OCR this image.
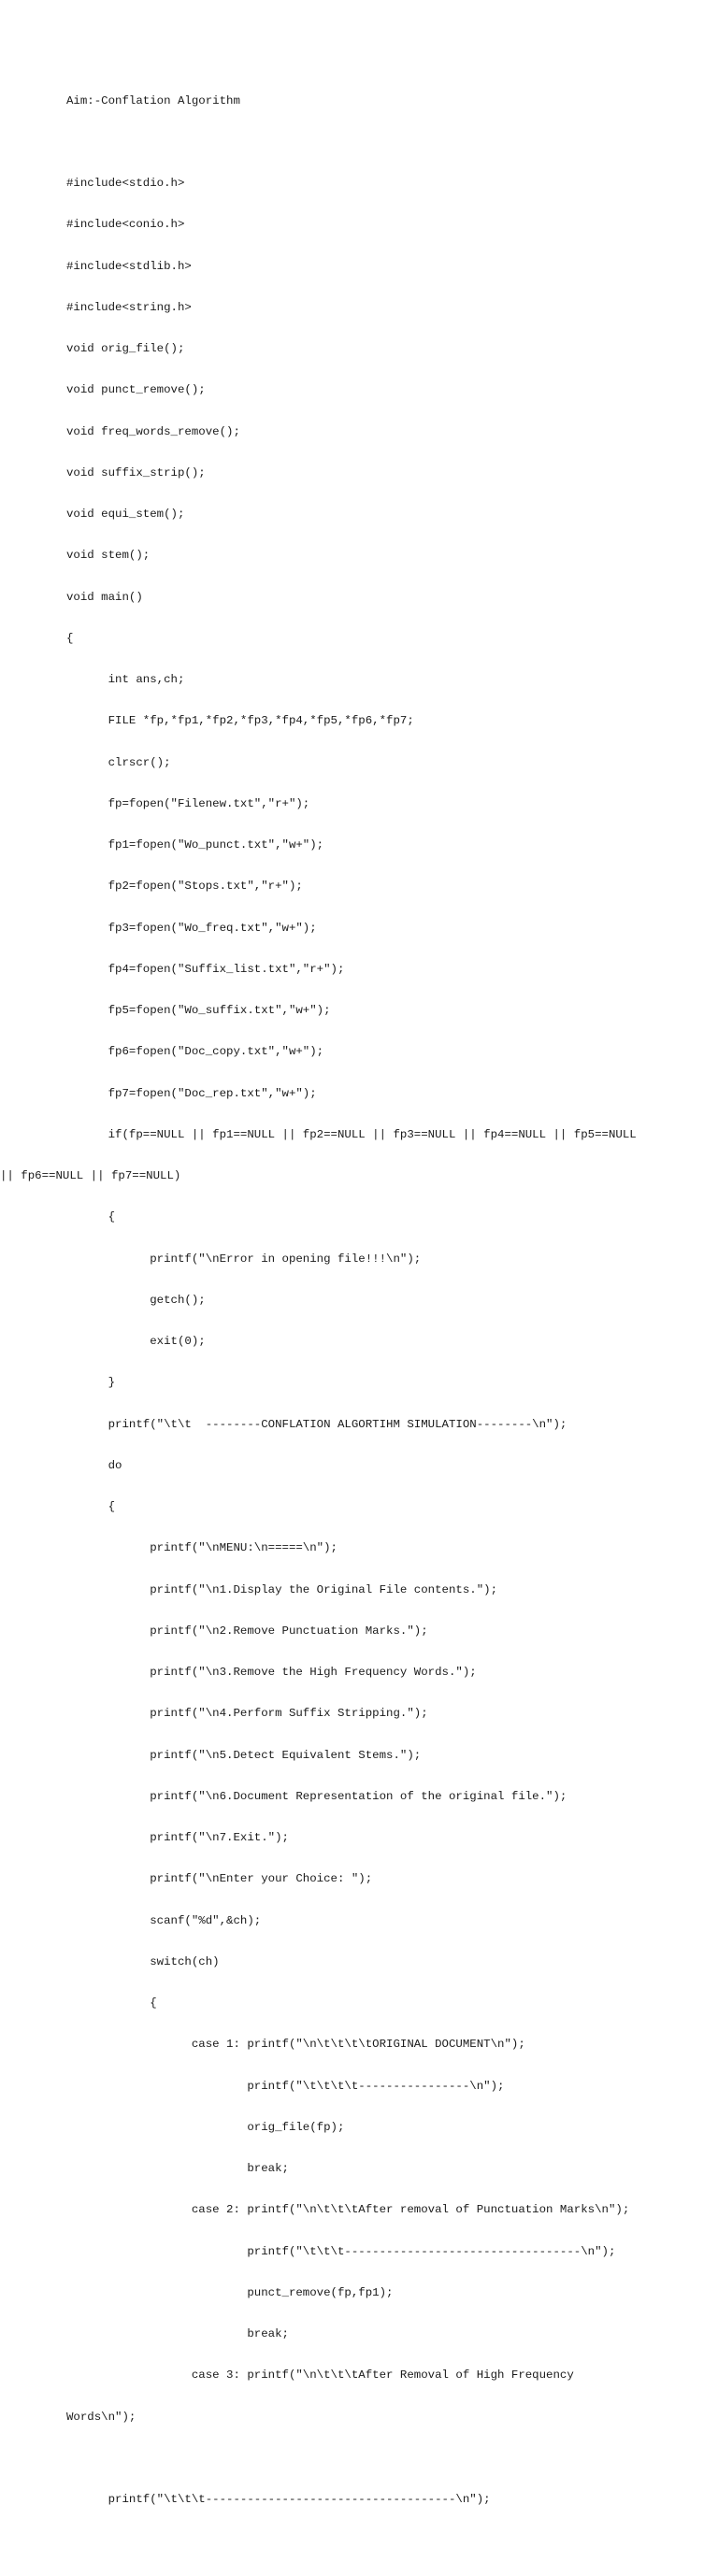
Aim:-Conflation Algorithm

#include<stdio.h>

#include<conio.h>

#include<stdlib.h>

#include<string.h>

void orig_file();

void punct_remove();

void freq_words_remove();

void suffix_strip();

void equi_stem();

void stem();

void main()

{

int ans,ch;

FILE *fp,*fp1,*fp2,*fp3,*fp4,*fp5,*fp6,*fp7;

clrscr();

fp=fopen("Filenew.txt","r+");

fp1=fopen("Wo_punct.txt","w+");

fp2=fopen("Stops.txt","r+");

fp3=fopen("Wo_freq.txt","w+");

fp4=fopen("Suffix_list.txt","r+");

fp5=fopen("Wo_suffix.txt","w+");

fp6=fopen("Doc_copy.txt","w+");

fp7=fopen("Doc_rep.txt","w+");

if(fp==NULL || fp1==NULL || fp2==NULL || fp3==NULL || fp4==NULL || fp5==NULL

|| fp6==NULL || fp7==NULL)

{

printf("\nError in opening file!!!\n");

getch();

exit(0);

}

printf("\t\t  --------CONFLATION ALGORTIHM SIMULATION--------\n");

do

{

printf("\nMENU:\n=====\n");

printf("\n1.Display the Original File contents.");

printf("\n2.Remove Punctuation Marks.");

printf("\n3.Remove the High Frequency Words.");

printf("\n4.Perform Suffix Stripping.");

printf("\n5.Detect Equivalent Stems.");

printf("\n6.Document Representation of the original file.");

printf("\n7.Exit.");

printf("\nEnter your Choice: ");

scanf("%d",&ch);

switch(ch)

{

case 1: printf("\n\t\t\t\tORIGINAL DOCUMENT\n");

printf("\t\t\t\t----------------\n");

orig_file(fp);

break;

case 2: printf("\n\t\t\tAfter removal of Punctuation Marks\n");

printf("\t\t\t----------------------------------\n");

punct_remove(fp,fp1);

break;

case 3: printf("\n\t\t\tAfter Removal of High Frequency

Words\n");

printf("\t\t\t------------------------------------\n");
